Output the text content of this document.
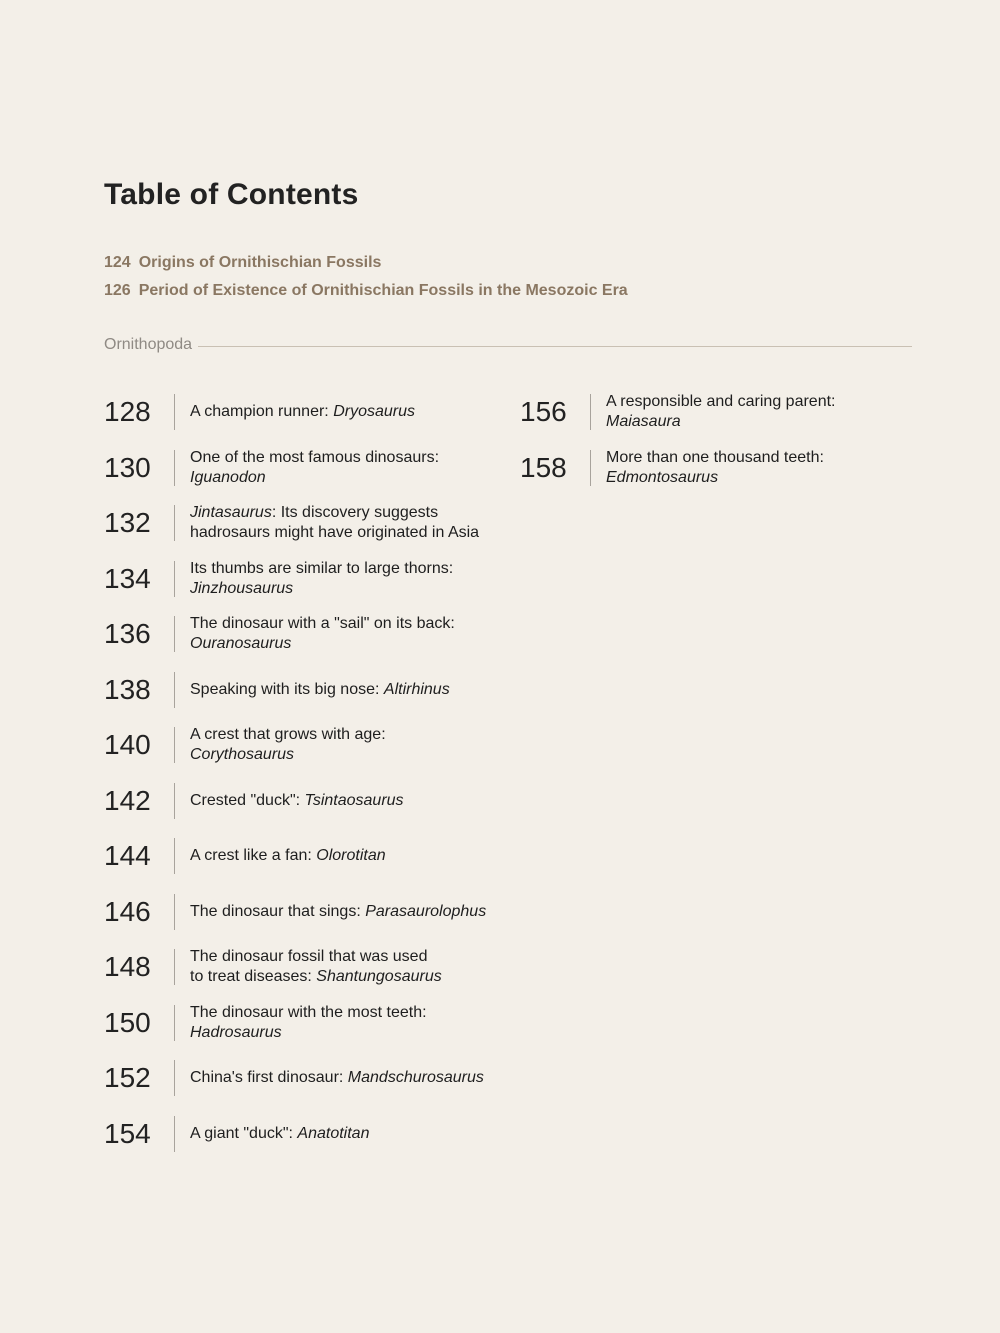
Table of Contents
124 Origins of Ornithischian Fossils
126 Period of Existence of Ornithischian Fossils in the Mesozoic Era
Ornithopoda
128	A champion runner: Dryosaurus
130	One of the most famous dinosaurs:
Iguanodon
132	Jintasaurus: Its discovery suggests
hadrosaurs might have originated in Asia
134	Its thumbs are similar to large thorns:
Jinzhousaurus
136	The dinosaur with a "sail" on its back:
Ouranosaurus
138	Speaking with its big nose: Altirhinus
140	A crest that grows with age:
Corythosaurus
142	Crested "duck": Tsintaosaurus
144	A crest like a fan: Olorotitan
146	The dinosaur that sings: Parasaurolophus
148	The dinosaur fossil that was used
to treat diseases: Shantungosaurus
150	The dinosaur with the most teeth:
Hadrosaurus
152	China's first dinosaur: Mandschurosaurus
154	A giant "duck": Anatotitan
156	A responsible and caring parent:
Maiasaura
158	More than one thousand teeth:
Edmontosaurus
